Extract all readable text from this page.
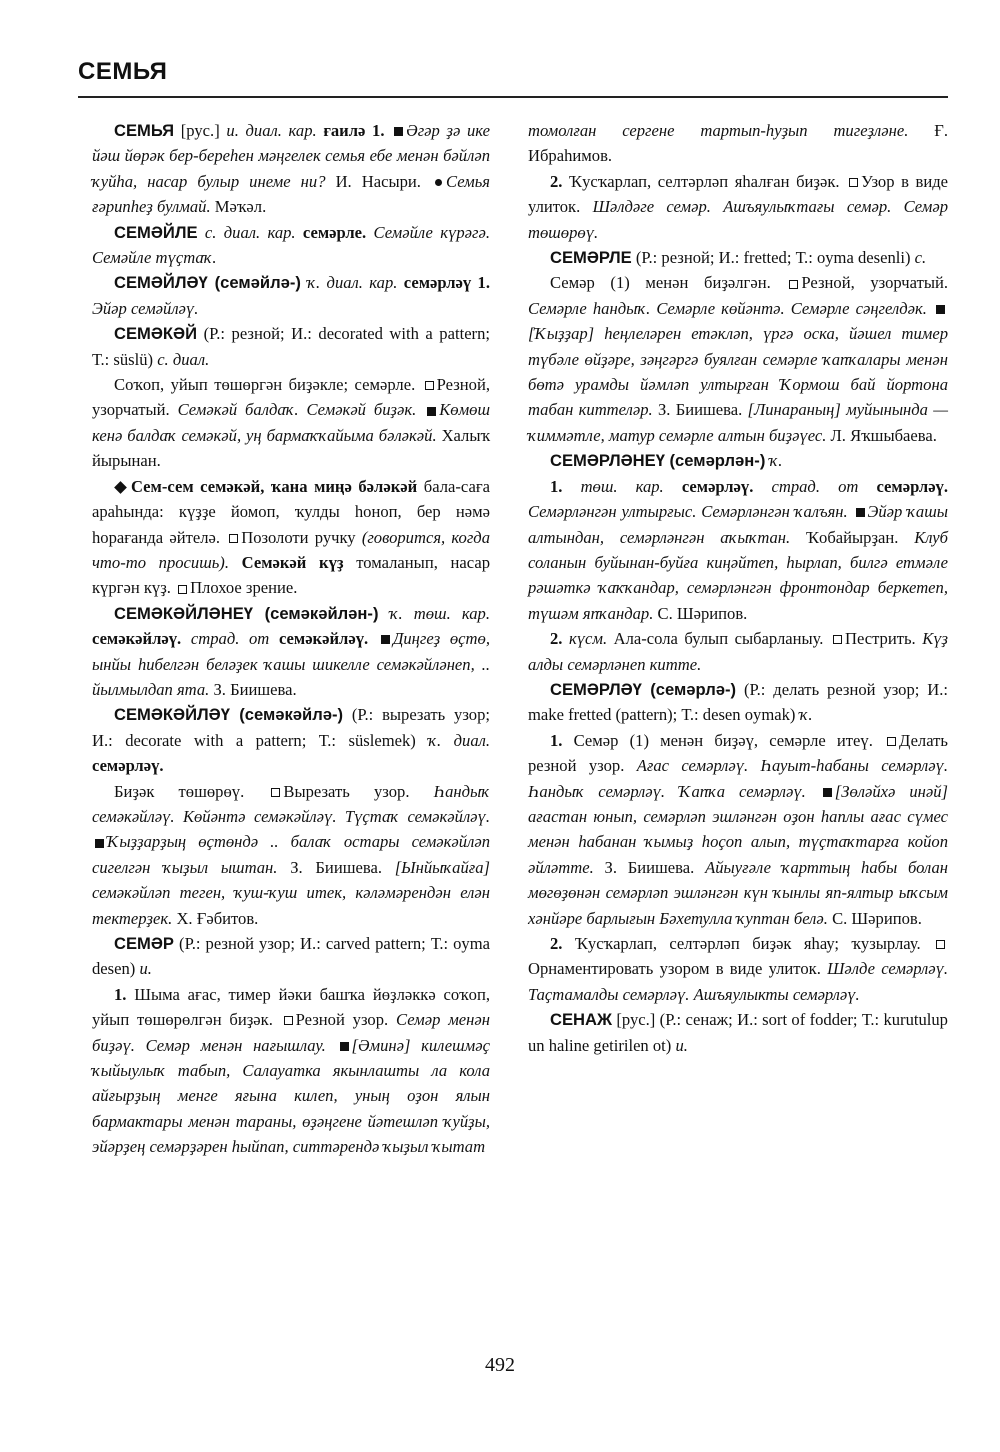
СЕМЬЯ

СЕМЬЯ [рус.] и. диал. кар. ғаилә 1. Әгәр ҙә ике йәш йөрәк бер-береһен мәңгелек семья ебе менән бәйләп ҡуйһа, насар булыр инеме ни? И. Насыри. Семья ғәрипһеҙ булмай. Мәҡәл.

СЕМӘЙЛЕ с. диал. кар. семәрле. Семәйле күрәгә. Семәйле түҫтаҡ.

СЕМӘЙЛӘҮ (семәйлә-) ҡ. диал. кар. семәрләү 1. Эйәр семәйләү.

СЕМӘКӘЙ (Р.: резной; И.: decorated with a pattern; Т.: süslü) с. диал.

Соҡоп, уйып төшөргән биҙәкле; семәрле. Резной, узорчатый. Семәкәй балдаҡ. Семәкәй биҙәк. Көмөш кенә балдаҡ семәкәй, уң бармаҡҡайыма бәләкәй. Халыҡ йырынан.

Сем-сем семәкәй, ҡана миңә бәләкәй бала-саға араһында: күҙҙе йомоп, ҡулды һоноп, бер нәмә һорағанда әйтелә. Позолоти ручку (говорится, когда что-то просишь). Семәкәй күҙ томаланып, насар күргән күҙ. Плохое зрение.

СЕМӘКӘЙЛӘНЕҮ (семәкәйлән-) ҡ. төш. кар. семәкәйләү. страд. от семәкәйләү. Диңгеҙ өҫтө, ынйы һибелгән беләҙек ҡашы шикелле семәкәйләнеп, .. йылмылдап ята. З. Биишева.

СЕМӘКӘЙЛӘҮ (семәкәйлә-) (Р.: вырезать узор; И.: decorate with a pattern; Т.: süslemek) ҡ. диал. семәрләү.

Биҙәк төшөрөү. Вырезать узор. Һандыҡ семәкәйләү. Көйәнтә семәкәйләү. Түҫтаҡ семәкәйләү. Ҡыҙҙарҙың өҫтөндә .. балаҡ остары семәкәйләп сигелгән ҡыҙыл ыштан. З. Биишева. [Ынйыҡайға] семәкәйләп теген, ҡуш-ҡуш итек, кәләмәрендән елән тектерҙек. Х. Ғәбитов.

СЕМӘР (Р.: резной узор; И.: carved pattern; Т.: oyma desen) и.

1. Шыма ағас, тимер йәки башҡа йөҙләккә соҡоп, уйып төшөрөлгән биҙәк. Резной узор. Семәр менән биҙәү. Семәр менән нағышлау. [Әминә] килешмәҫ ҡыйыулыҡ табып, Салауатка якынлашты ла кола айғырҙың менге яғына килеп, уның оҙон ялын бармактары менән тараны, өҙәңгене йәтешләп ҡуйҙы, эйәрҙең семәрҙәрен һыйпап, ситтәрендә ҡыҙыл ҡытат

томолған сергене тартып-һуҙып тигеҙләне. Ғ. Ибраһимов.

2. Ҡусҡарлап, селтәрләп яһалған биҙәк. Узор в виде улиток. Шәлдәге семәр. Ашъяулыҡтағы семәр. Семәр төшөрөү.

СЕМӘРЛЕ (Р.: резной; И.: fretted; Т.: oyma desenli) с.

Семәр (1) менән биҙәлгән. Резной, узорчатый. Семәрле һандыҡ. Семәрле көйәнтә. Семәрле сәңгелдәк. [Ҡыҙҙар] һеңлеләрен етәкләп, үргә оска, йәшел тимер түбәле өйҙәре, зәңгәргә буялған семәрле ҡапҡалары менән бөтә урамды йәмләп ултырған Ҡормош бай йортона табан киттеләр. З. Биишева. [Линараның] муйынында — ҡиммәтле, матур семәрле алтын биҙәүес. Л. Яҡшыбаева.

СЕМӘРЛӘНЕҮ (семәрлән-) ҡ.

1. төш. кар. семәрләү. страд. от семәрләү. Семәрләнгән ултырғыс. Семәрләнгән ҡалъян. Эйәр ҡашы алтындан, семәрләнгән аҡыҡтан. Ҡобайырҙан. Клуб соланын буйынан-буйға киңәйтеп, һырлап, билгә етмәле рәшәткә ҡаҡҡандар, семәрләнгән фронтондар беркетеп, түшәм япҡандар. С. Шәрипов.

2. күсм. Ала-сола булып сыбарланыу. Пестрить. Күҙ алды семәрләнеп китте.

СЕМӘРЛӘҮ (семәрлә-) (Р.: делать резной узор; И.: make fretted (pattern); Т.: desen oymak) ҡ.

1. Семәр (1) менән биҙәү, семәрле итеү. Делать резной узор. Ағас семәрләү. Һауыт-һабаны семәрләү. Һандыҡ семәрләү. Ҡапҡа семәрләү. [Зөләйхә инәй] ағастан юнып, семәрләп эшләнгән оҙон һаплы ағас сүмес менән һабанан ҡымыҙ һоҫоп алып, түҫтаҡтарға койоп әйләтте. З. Биишева. Айыуғәле ҡарттың һабы болан мөгөҙөнән семәрләп эшләнгән күн ҡынлы яп-ялтыр ыҡсым хәнйәре барлығын Бәхетулла ҡуптан белә. С. Шәрипов.

2. Ҡусҡарлап, селтәрләп биҙәк яһау; ҡузырлау. Орнаментировать узором в виде улиток. Шәлде семәрләү. Таҫтамалды семәрләү. Ашъяулыкты семәрләү.

СЕНАЖ [рус.] (Р.: сенаж; И.: sort of fodder; Т.: kurutulup un haline getirilen ot) и.

492
